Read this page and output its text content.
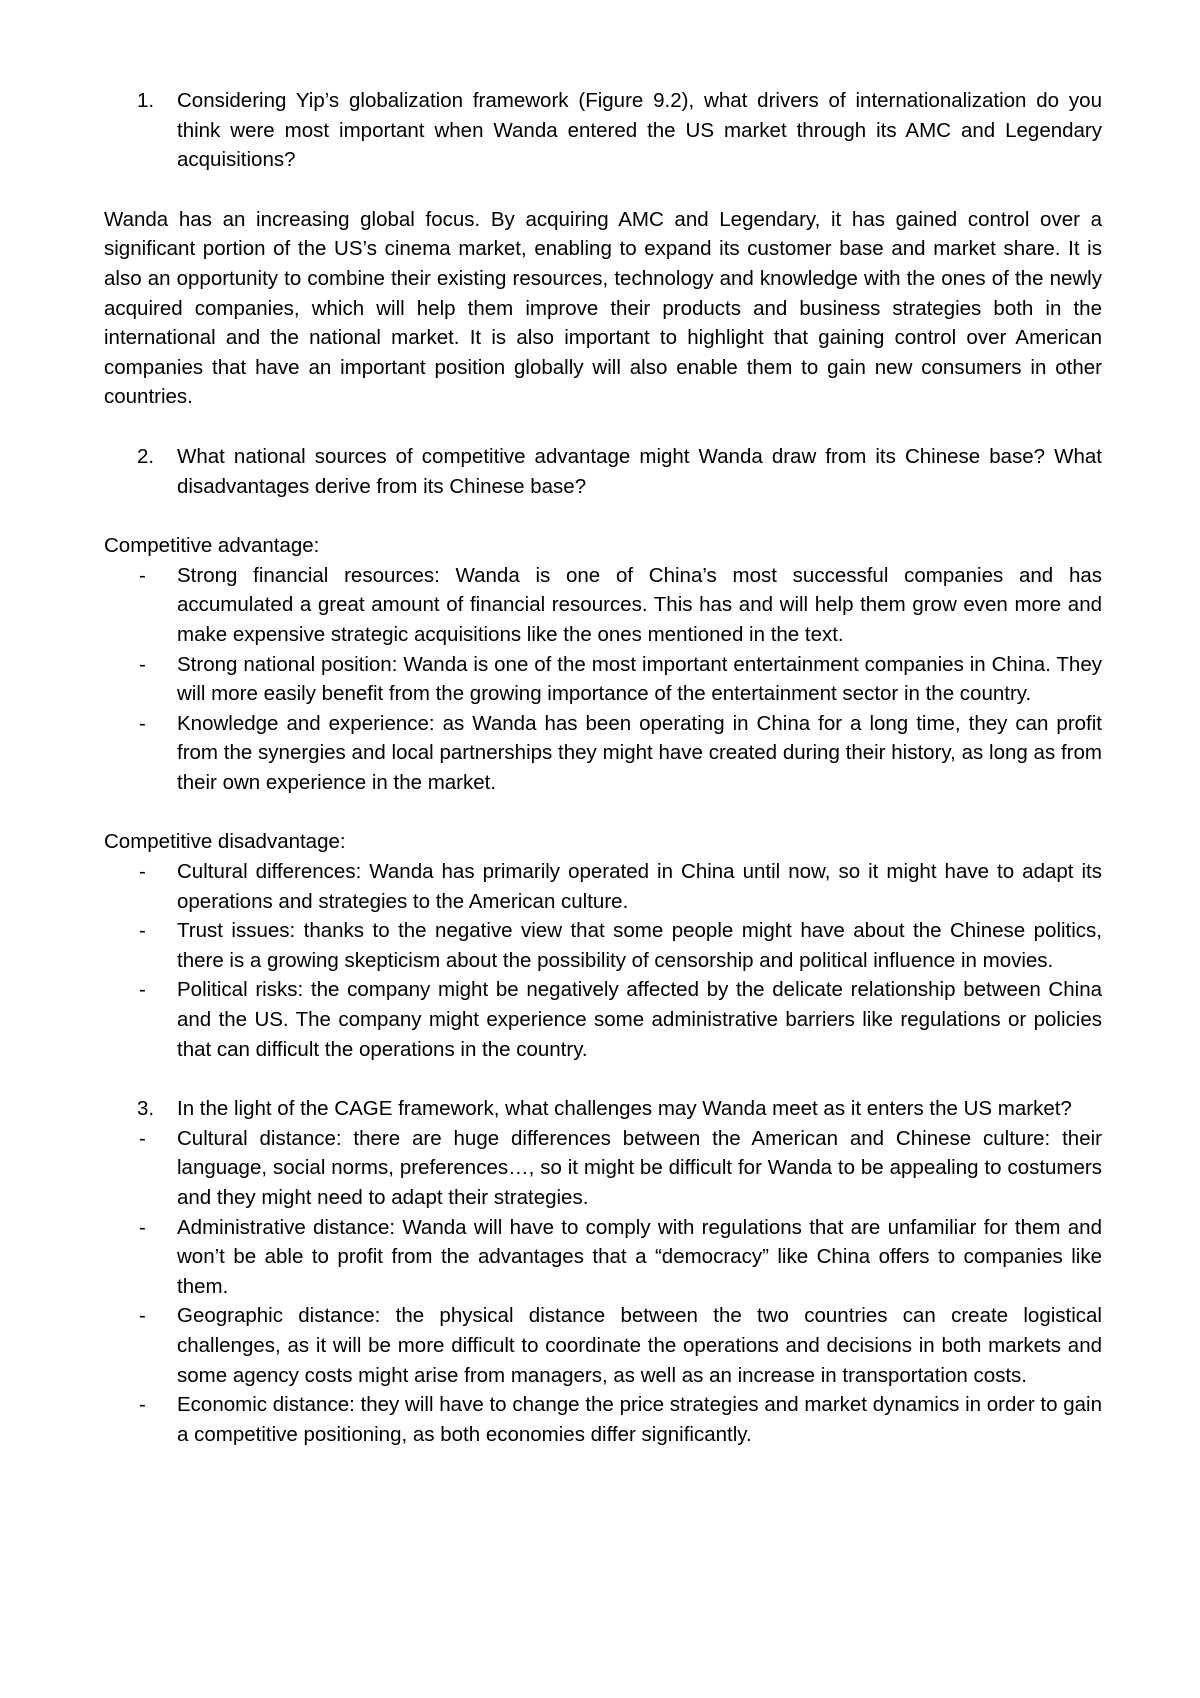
1. Considering Yip’s globalization framework (Figure 9.2), what drivers of internationalization do you think were most important when Wanda entered the US market through its AMC and Legendary acquisitions?

Wanda has an increasing global focus. By acquiring AMC and Legendary, it has gained control over a significant portion of the US’s cinema market, enabling to expand its customer base and market share. It is also an opportunity to combine their existing resources, technology and knowledge with the ones of the newly acquired companies, which will help them improve their products and business strategies both in the international and the national market. It is also important to highlight that gaining control over American companies that have an important position globally will also enable them to gain new consumers in other countries.

2. What national sources of competitive advantage might Wanda draw from its Chinese base? What disadvantages derive from its Chinese base?

Competitive advantage:

- Strong financial resources: Wanda is one of China’s most successful companies and has accumulated a great amount of financial resources. This has and will help them grow even more and make expensive strategic acquisitions like the ones mentioned in the text.
- Strong national position: Wanda is one of the most important entertainment companies in China. They will more easily benefit from the growing importance of the entertainment sector in the country.
- Knowledge and experience: as Wanda has been operating in China for a long time, they can profit from the synergies and local partnerships they might have created during their history, as long as from their own experience in the market.

Competitive disadvantage:

- Cultural differences: Wanda has primarily operated in China until now, so it might have to adapt its operations and strategies to the American culture.
- Trust issues: thanks to the negative view that some people might have about the Chinese politics, there is a growing skepticism about the possibility of censorship and political influence in movies.
- Political risks: the company might be negatively affected by the delicate relationship between China and the US. The company might experience some administrative barriers like regulations or policies that can difficult the operations in the country.
3. In the light of the CAGE framework, what challenges may Wanda meet as it enters the US market?
- Cultural distance: there are huge differences between the American and Chinese culture: their language, social norms, preferences…, so it might be difficult for Wanda to be appealing to costumers and they might need to adapt their strategies.
- Administrative distance: Wanda will have to comply with regulations that are unfamiliar for them and won’t be able to profit from the advantages that a “democracy” like China offers to companies like them.
- Geographic distance: the physical distance between the two countries can create logistical challenges, as it will be more difficult to coordinate the operations and decisions in both markets and some agency costs might arise from managers, as well as an increase in transportation costs.
- Economic distance: they will have to change the price strategies and market dynamics in order to gain a competitive positioning, as both economies differ significantly.
